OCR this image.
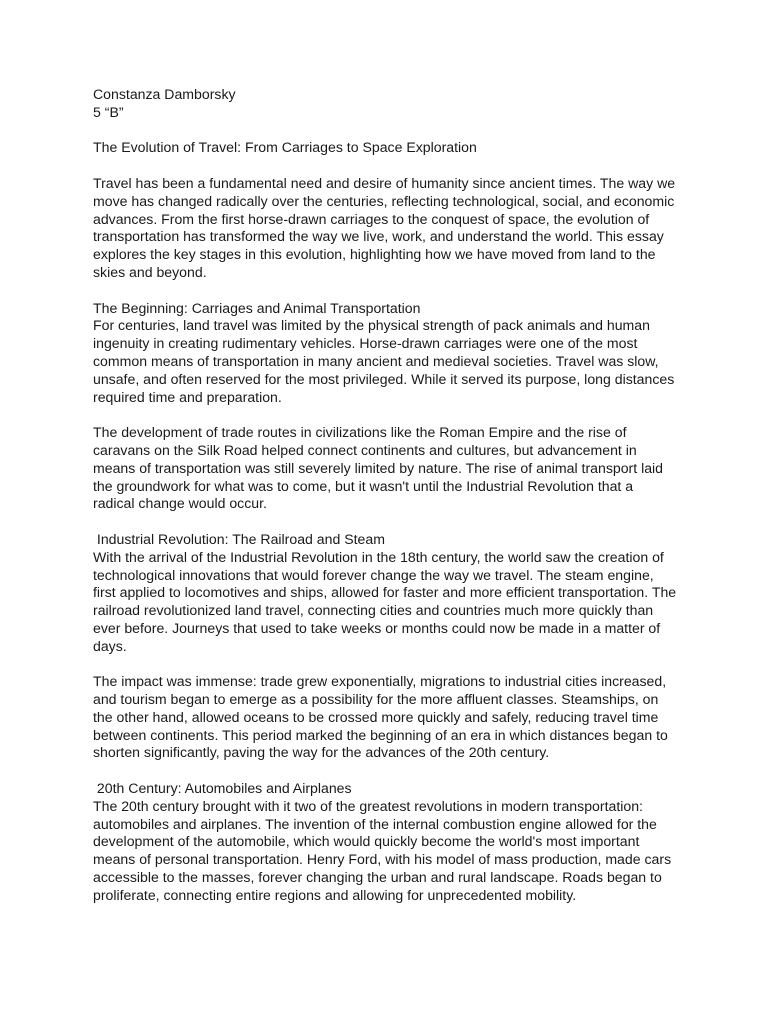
Constanza Damborsky

5 “B”

The Evolution of Travel: From Carriages to Space Exploration

Travel has been a fundamental need and desire of humanity since ancient times. The way we move has changed radically over the centuries, reflecting technological, social, and economic advances. From the first horse-drawn carriages to the conquest of space, the evolution of transportation has transformed the way we live, work, and understand the world. This essay explores the key stages in this evolution, highlighting how we have moved from land to the skies and beyond.

The Beginning: Carriages and Animal Transportation

For centuries, land travel was limited by the physical strength of pack animals and human ingenuity in creating rudimentary vehicles. Horse-drawn carriages were one of the most common means of transportation in many ancient and medieval societies. Travel was slow, unsafe, and often reserved for the most privileged. While it served its purpose, long distances required time and preparation.

The development of trade routes in civilizations like the Roman Empire and the rise of caravans on the Silk Road helped connect continents and cultures, but advancement in means of transportation was still severely limited by nature. The rise of animal transport laid the groundwork for what was to come, but it wasn't until the Industrial Revolution that a radical change would occur.

Industrial Revolution: The Railroad and Steam

With the arrival of the Industrial Revolution in the 18th century, the world saw the creation of technological innovations that would forever change the way we travel. The steam engine, first applied to locomotives and ships, allowed for faster and more efficient transportation. The railroad revolutionized land travel, connecting cities and countries much more quickly than ever before. Journeys that used to take weeks or months could now be made in a matter of days.

The impact was immense: trade grew exponentially, migrations to industrial cities increased, and tourism began to emerge as a possibility for the more affluent classes. Steamships, on the other hand, allowed oceans to be crossed more quickly and safely, reducing travel time between continents. This period marked the beginning of an era in which distances began to shorten significantly, paving the way for the advances of the 20th century.

20th Century: Automobiles and Airplanes

The 20th century brought with it two of the greatest revolutions in modern transportation: automobiles and airplanes. The invention of the internal combustion engine allowed for the development of the automobile, which would quickly become the world's most important means of personal transportation. Henry Ford, with his model of mass production, made cars accessible to the masses, forever changing the urban and rural landscape. Roads began to proliferate, connecting entire regions and allowing for unprecedented mobility.
